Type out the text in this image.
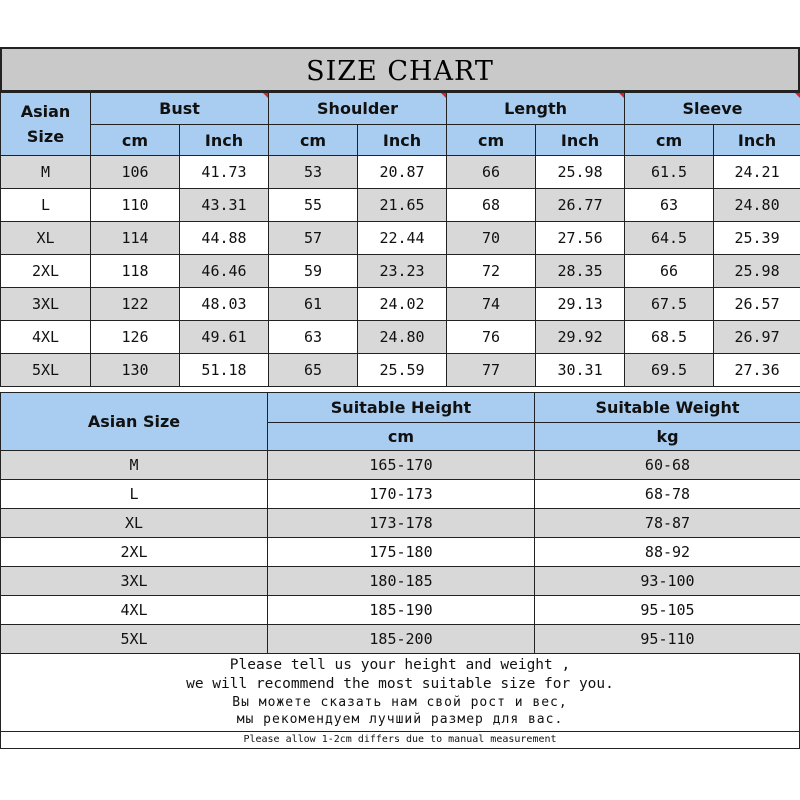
SIZE CHART
Asian Size	Bust		Shoulder		Length		Sleeve	
	cm	Inch	cm	Inch	cm	Inch	cm	Inch
M	106	41.73	53	20.87	66	25.98	61.5	24.21
L	110	43.31	55	21.65	68	26.77	63	24.80
XL	114	44.88	57	22.44	70	27.56	64.5	25.39
2XL	118	46.46	59	23.23	72	28.35	66	25.98
3XL	122	48.03	61	24.02	74	29.13	67.5	26.57
4XL	126	49.61	63	24.80	76	29.92	68.5	26.97
5XL	130	51.18	65	25.59	77	30.31	69.5	27.36
Asian Size	Suitable Height	Suitable Weight
	cm	kg
M	165-170	60-68
L	170-173	68-78
XL	173-178	78-87
2XL	175-180	88-92
3XL	180-185	93-100
4XL	185-190	95-105
5XL	185-200	95-110
Please tell us your height and weight ,
we will recommend the most suitable size for you.
Вы можете сказать нам свой рост и вес,
мы рекомендуем лучший размер для вас.
Please allow 1-2cm differs due to manual measurement
